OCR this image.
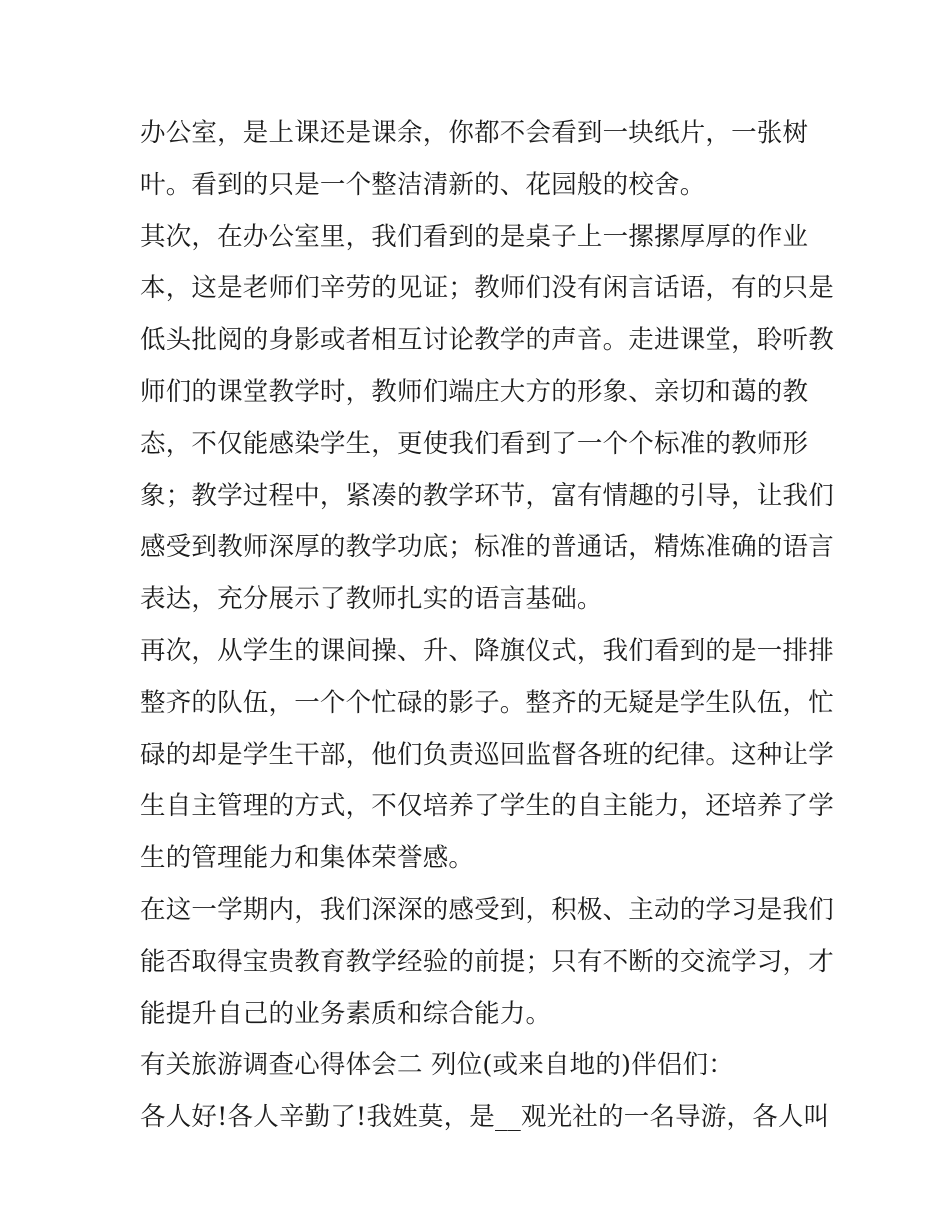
办公室，是上课还是课余，你都不会看到一块纸片，一张树
叶。看到的只是一个整洁清新的、花园般的校舍。
其次，在办公室里，我们看到的是桌子上一摞摞厚厚的作业
本，这是老师们辛劳的见证；教师们没有闲言话语，有的只是
低头批阅的身影或者相互讨论教学的声音。走进课堂，聆听教
师们的课堂教学时，教师们端庄大方的形象、亲切和蔼的教
态，不仅能感染学生，更使我们看到了一个个标准的教师形
象；教学过程中，紧凑的教学环节，富有情趣的引导，让我们
感受到教师深厚的教学功底；标准的普通话，精炼准确的语言
表达，充分展示了教师扎实的语言基础。
再次，从学生的课间操、升、降旗仪式，我们看到的是一排排
整齐的队伍，一个个忙碌的影子。整齐的无疑是学生队伍，忙
碌的却是学生干部，他们负责巡回监督各班的纪律。这种让学
生自主管理的方式，不仅培养了学生的自主能力，还培养了学
生的管理能力和集体荣誉感。
在这一学期内，我们深深的感受到，积极、主动的学习是我们
能否取得宝贵教育教学经验的前提；只有不断的交流学习，才
能提升自己的业务素质和综合能力。
有关旅游调查心得体会二 列位(或来自地的)伴侣们：
各人好!各人辛勤了!我姓莫，是__观光社的一名导游，各人叫
